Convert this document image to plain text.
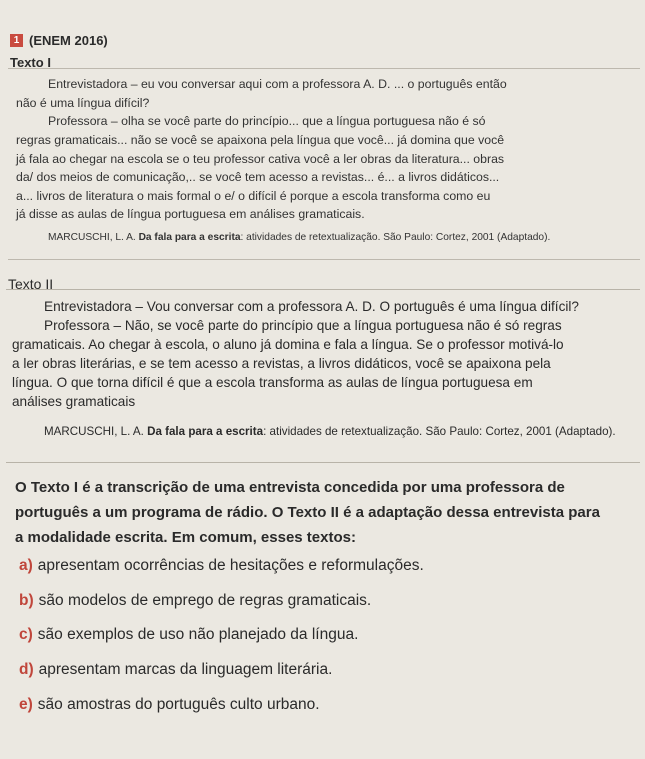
1 (ENEM 2016)
Texto I
Entrevistadora – eu vou conversar aqui com a professora A. D. ... o português então
não é uma língua difícil?
Professora – olha se você parte do princípio... que a língua portuguesa não é só
regras gramaticais... não se você se apaixona pela língua que você... já domina que você
já fala ao chegar na escola se o teu professor cativa você a ler obras da literatura... obras
da/ dos meios de comunicação,.. se você tem acesso a revistas... é... a livros didáticos...
a... livros de literatura o mais formal o e/ o difícil é porque a escola transforma como eu
já disse as aulas de língua portuguesa em análises gramaticais.
MARCUSCHI, L. A. Da fala para a escrita: atividades de retextualização. São Paulo: Cortez, 2001 (Adaptado).
Texto II
Entrevistadora – Vou conversar com a professora A. D. O português é uma língua difícil?
Professora – Não, se você parte do princípio que a língua portuguesa não é só regras
gramaticais. Ao chegar à escola, o aluno já domina e fala a língua. Se o professor motivá-lo
a ler obras literárias, e se tem acesso a revistas, a livros didáticos, você se apaixona pela
língua. O que torna difícil é que a escola transforma as aulas de língua portuguesa em
análises gramaticais
MARCUSCHI, L. A. Da fala para a escrita: atividades de retextualização. São Paulo: Cortez, 2001 (Adaptado).
O Texto I é a transcrição de uma entrevista concedida por uma professora de
português a um programa de rádio. O Texto II é a adaptação dessa entrevista para
a modalidade escrita. Em comum, esses textos:
a) apresentam ocorrências de hesitações e reformulações.
b) são modelos de emprego de regras gramaticais.
c) são exemplos de uso não planejado da língua.
d) apresentam marcas da linguagem literária.
e) são amostras do português culto urbano.
